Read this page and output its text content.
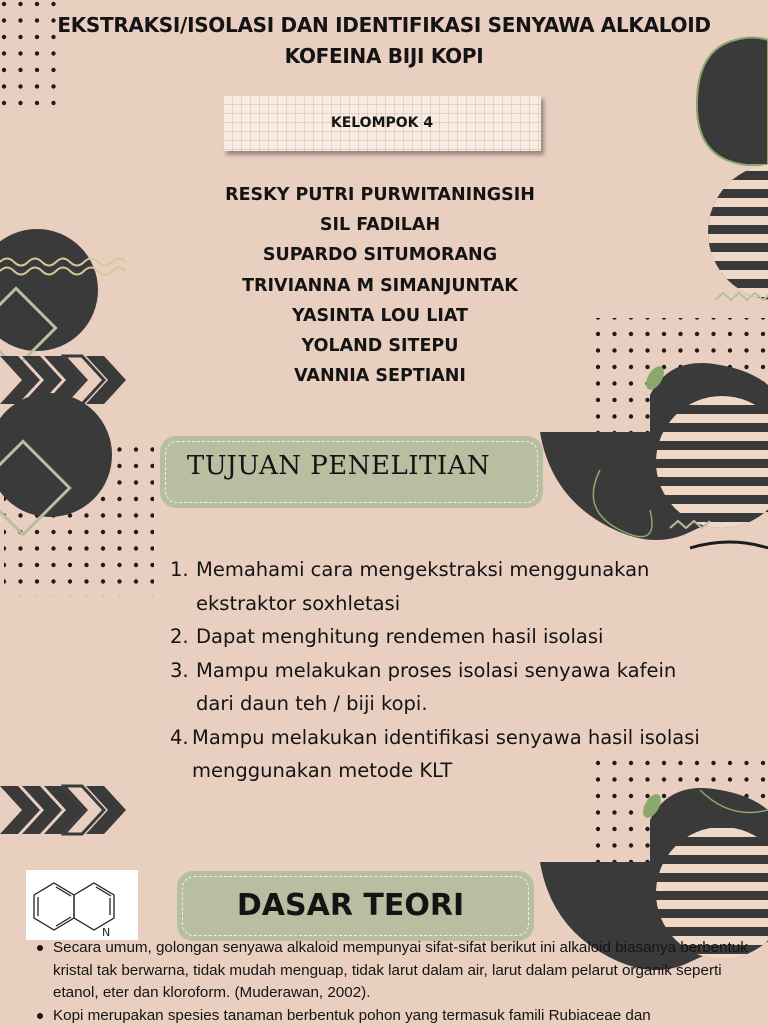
EKSTRAKSI/ISOLASI DAN IDENTIFIKASI SENYAWA ALKALOID
KOFEINA BIJI KOPI
KELOMPOK 4
RESKY PUTRI PURWITANINGSIH
SIL FADILAH
SUPARDO SITUMORANG
TRIVIANNA M SIMANJUNTAK
YASINTA LOU LIAT
YOLAND SITEPU
VANNIA SEPTIANI
TUJUAN PENELITIAN
1. Memahami cara mengekstraksi menggunakan
ekstraktor soxhletasi
2. Dapat menghitung rendemen hasil isolasi
3. Mampu melakukan proses isolasi senyawa kafein
dari daun teh / biji kopi.
4. Mampu melakukan identifikasi senyawa hasil isolasi
menggunakan metode KLT
N
DASAR TEORI
Secara umum, golongan senyawa alkaloid mempunyai sifat-sifat berikut ini alkaloid biasanya berbentuk kristal tak berwarna, tidak mudah menguap, tidak larut dalam air, larut dalam pelarut organik seperti etanol, eter dan kloroform. (Muderawan, 2002).
Kopi merupakan spesies tanaman berbentuk pohon yang termasuk famili Rubiaceae dan
